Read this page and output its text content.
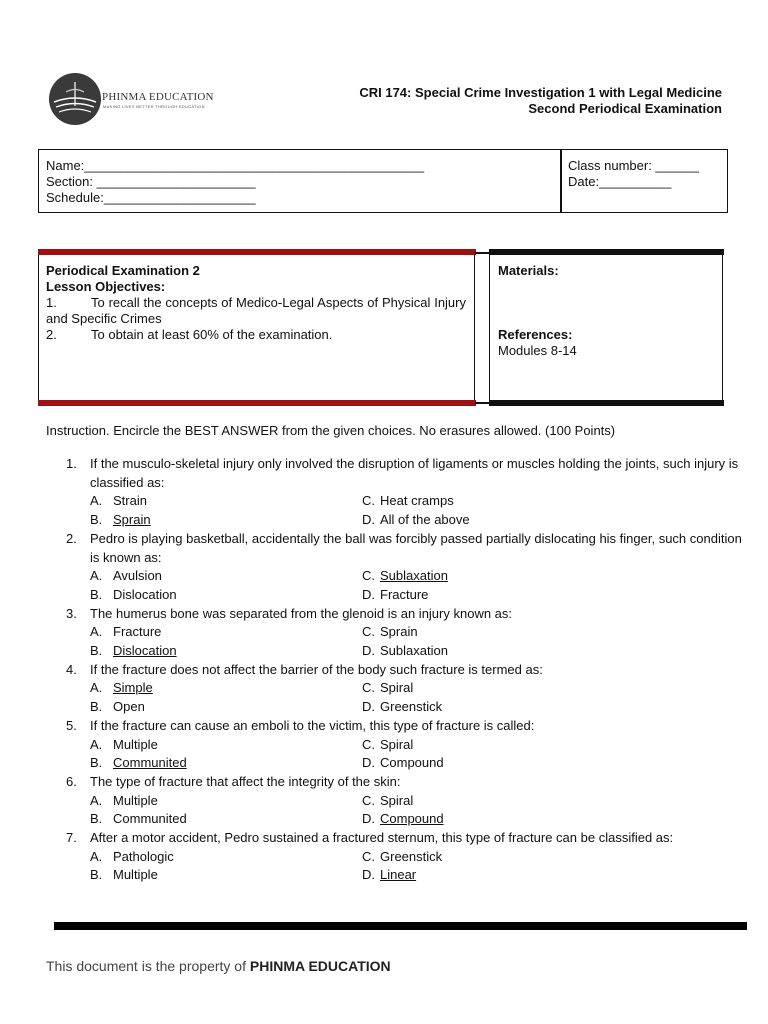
PHINMA EDUCATION
MAKING LIVES BETTER THROUGH EDUCATION
CRI 174: Special Crime Investigation 1 with Legal Medicine
Second Periodical Examination
Name:_______________________________________________
Section: ______________________
Schedule:_____________________
Class number: ______
Date:__________
Periodical Examination 2
Lesson Objectives:
1.	To recall the concepts of Medico-Legal Aspects of Physical Injury and Specific Crimes
2.	To obtain at least 60% of the examination.
Materials:
References:
Modules 8-14
Instruction. Encircle the BEST ANSWER from the given choices. No erasures allowed. (100 Points)
1.	If the musculo-skeletal injury only involved the disruption of ligaments or muscles holding the joints, such injury is classified as:
A. Strain	C. Heat cramps
B. Sprain	D. All of the above
2.	Pedro is playing basketball, accidentally the ball was forcibly passed partially dislocating his finger, such condition is known as:
A. Avulsion	C. Sublaxation
B. Dislocation	D. Fracture
3.	The humerus bone was separated from the glenoid is an injury known as:
A. Fracture	C. Sprain
B. Dislocation	D. Sublaxation
4.	If the fracture does not affect the barrier of the body such fracture is termed as:
A. Simple	C. Spiral
B. Open	D. Greenstick
5.	If the fracture can cause an emboli to the victim, this type of fracture is called:
A. Multiple	C. Spiral
B. Communited	D. Compound
6.	The type of fracture that affect the integrity of the skin:
A. Multiple	C. Spiral
B. Communited	D. Compound
7.	After a motor accident, Pedro sustained a fractured sternum, this type of fracture can be classified as:
A. Pathologic	C. Greenstick
B. Multiple	D. Linear
This document is the property of PHINMA EDUCATION
